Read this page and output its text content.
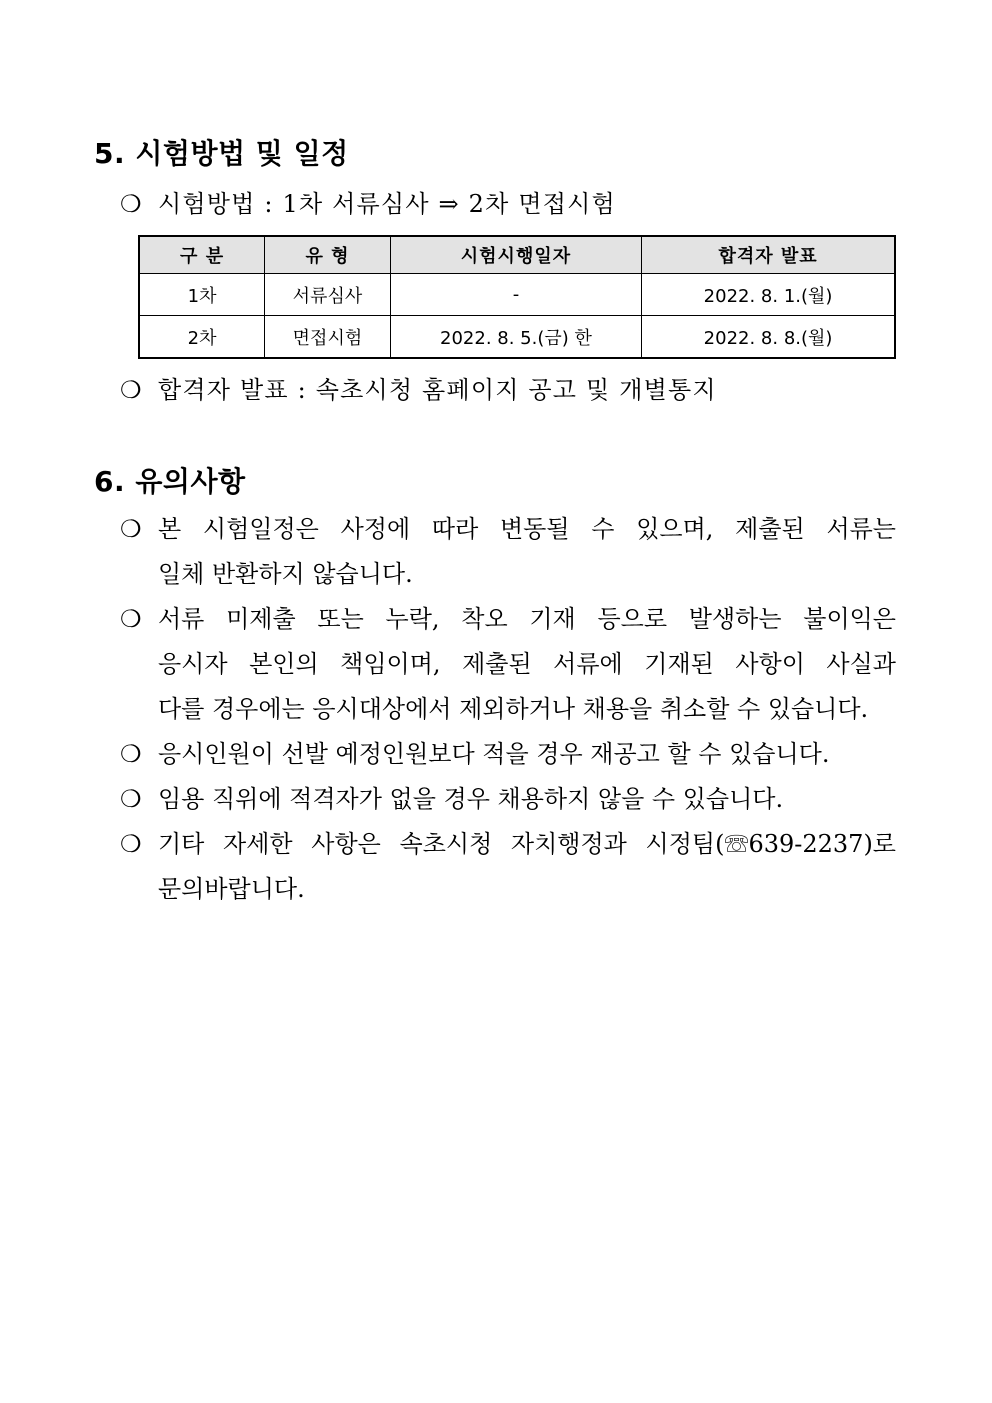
5. 시험방법 및 일정
❍ 시험방법 : 1차 서류심사 ⇒ 2차 면접시험
구 분	유 형	시험시행일자	합격자 발표
1차	서류심사	-	2022. 8. 1.(월)
2차	면접시험	2022. 8. 5.(금) 한	2022. 8. 8.(월)
❍ 합격자 발표 : 속초시청 홈페이지 공고 및 개별통지
6. 유의사항
❍ 본 시험일정은 사정에 따라 변동될 수 있으며, 제출된 서류는
일체 반환하지 않습니다.
❍ 서류 미제출 또는 누락, 착오 기재 등으로 발생하는 불이익은
응시자 본인의 책임이며, 제출된 서류에 기재된 사항이 사실과
다를 경우에는 응시대상에서 제외하거나 채용을 취소할 수 있습니다.
❍ 응시인원이 선발 예정인원보다 적을 경우 재공고 할 수 있습니다.
❍ 임용 직위에 적격자가 없을 경우 채용하지 않을 수 있습니다.
❍ 기타 자세한 사항은 속초시청 자치행정과 시정팀(☏639-2237)로
문의바랍니다.
